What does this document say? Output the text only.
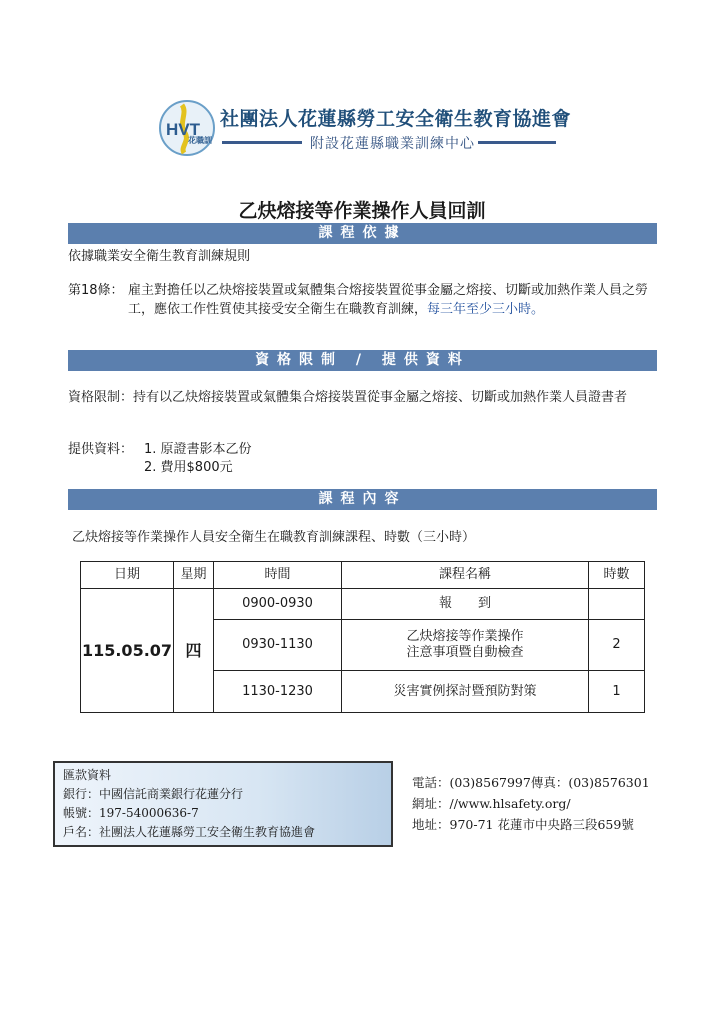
HVT
花職訓
社團法人花蓮縣勞工安全衛生教育協進會
附設花蓮縣職業訓練中心
乙炔熔接等作業操作人員回訓
課程依據
依據職業安全衛生教育訓練規則
第18條： 雇主對擔任以乙炔熔接裝置或氣體集合熔接裝置從事金屬之熔接、切斷或加熱作業人員之勞工，應依工作性質使其接受安全衛生在職教育訓練，每三年至少三小時。
資格限制 / 提供資料
資格限制：持有以乙炔熔接裝置或氣體集合熔接裝置從事金屬之熔接、切斷或加熱作業人員證書者
提供資料： 1. 原證書影本乙份
2. 費用$800元
課程內容
乙炔熔接等作業操作人員安全衛生在職教育訓練課程、時數（三小時）
日期	星期	時間	課程名稱	時數
115.05.07	四	0900-0930	報　　到	
		0930-1130	乙炔熔接等作業操作
注意事項暨自動檢查	2
		1130-1230	災害實例探討暨預防對策	1
匯款資料
銀行：中國信託商業銀行花蓮分行
帳號：197-54000636-7
戶名：社團法人花蓮縣勞工安全衛生教育協進會
電話：(03)8567997傳真：(03)8576301
網址：//www.hlsafety.org/
地址：970-71 花蓮市中央路三段659號
